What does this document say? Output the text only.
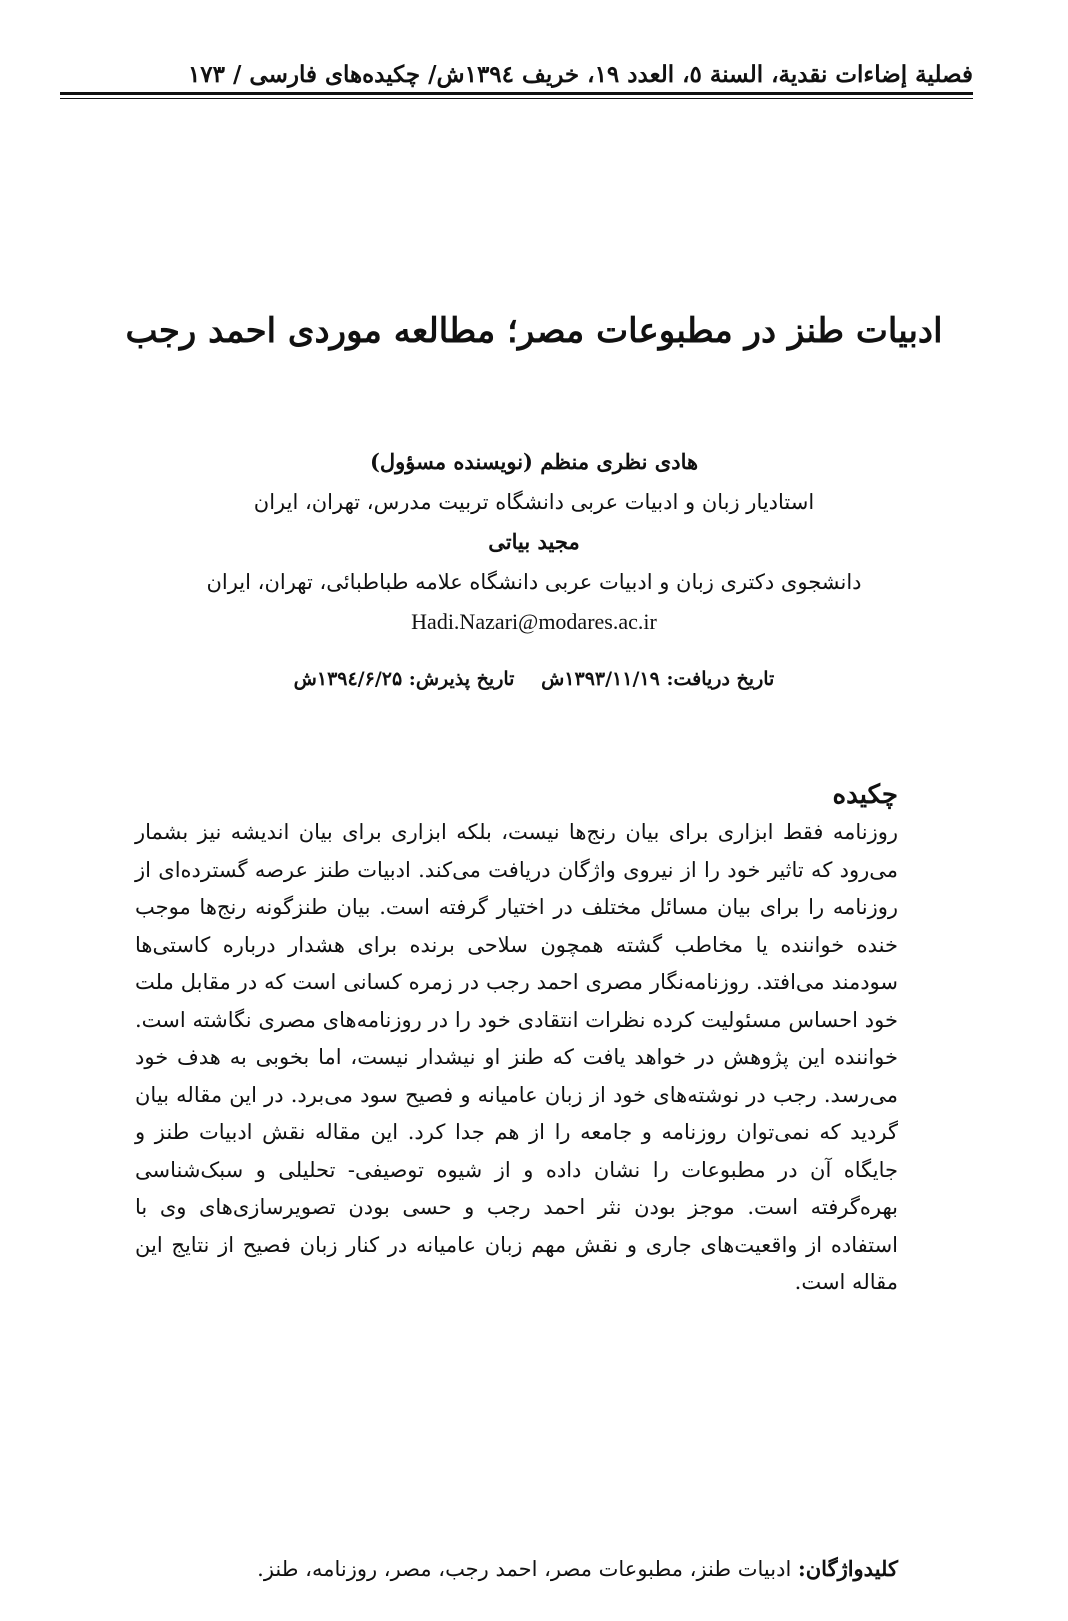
فصلية إضاءات نقدية، السنة ٥، العدد ١٩، خريف ١٣٩٤ش/ چکیده‌های فارسی / ١٧٣
ادبیات طنز در مطبوعات مصر؛ مطالعه موردی احمد رجب
هادی نظری منظم (نویسنده مسؤول)
استادیار زبان و ادبیات عربی دانشگاه تربیت مدرس، تهران، ایران
مجید بیاتی
دانشجوی دکتری زبان و ادبیات عربی دانشگاه علامه طباطبائی، تهران، ایران
Hadi.Nazari@modares.ac.ir
تاریخ دریافت: ١٣٩٣/١١/١٩ش تاریخ پذیرش: ١٣٩٤/۶/٢۵ش
چکیده

روزنامه فقط ابزاری برای بیان رنج‌ها نیست، بلکه ابزاری برای بیان اندیشه نیز بشمار می‌رود که تاثیر خود را از نیروی واژگان دریافت می‌کند. ادبیات طنز عرصه گسترده‌ای از روزنامه را برای بیان مسائل مختلف در اختیار گرفته است. بیان طنزگونه رنج‌ها موجب خنده خواننده یا مخاطب گشته همچون سلاحی برنده برای هشدار درباره کاستی‌ها سودمند می‌افتد. روزنامه‌نگار مصری احمد رجب در زمره کسانی است که در مقابل ملت خود احساس مسئولیت کرده نظرات انتقادی خود را در روزنامه‌های مصری نگاشته است. خواننده این پژوهش در خواهد یافت که طنز او نیشدار نیست، اما بخوبی به هدف خود می‌رسد. رجب در نوشته‌های خود از زبان عامیانه و فصیح سود می‌برد. در این مقاله بیان گردید که نمی‌توان روزنامه و جامعه را از هم جدا کرد. این مقاله نقش ادبیات طنز و جایگاه آن در مطبوعات را نشان داده و از شیوه توصیفی- تحلیلی و سبک‌شناسی بهره‌گرفته است. موجز بودن نثر احمد رجب و حسی بودن تصویرسازی‌های وی با استفاده از واقعیت‌های جاری و نقش مهم زبان عامیانه در کنار زبان فصیح از نتایج این مقاله است.

کلیدواژگان: ادبیات طنز، مطبوعات مصر، احمد رجب، مصر، روزنامه، طنز.
